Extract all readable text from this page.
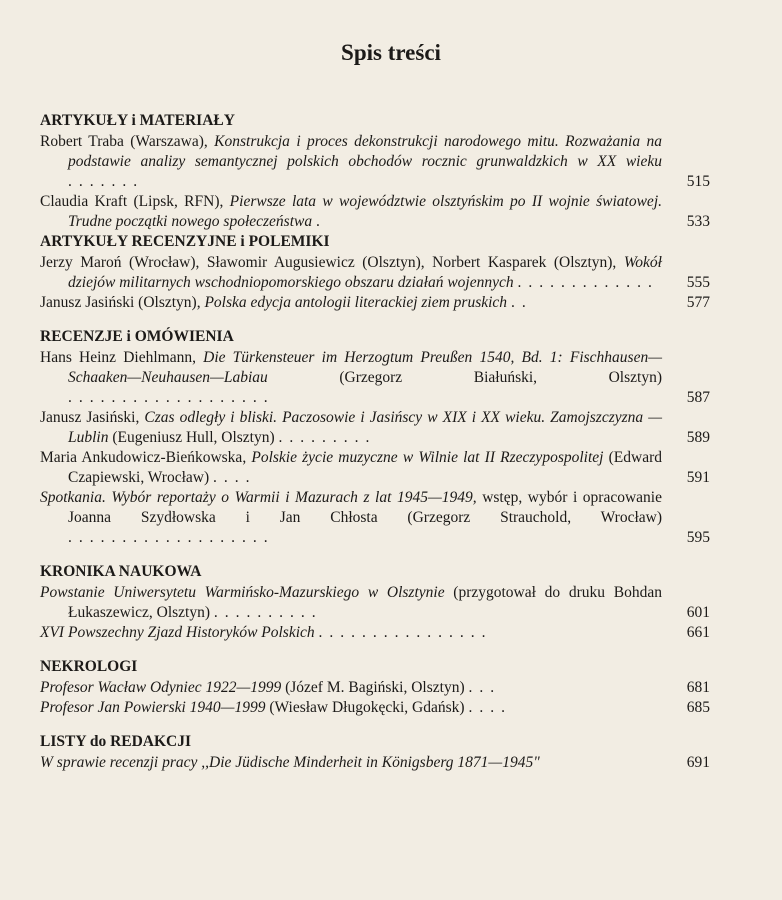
Spis treści
ARTYKUŁY i MATERIAŁY
Robert Traba (Warszawa), Konstrukcja i proces dekonstrukcji narodowego mitu. Rozważania na podstawie analizy semantycznej polskich obchodów rocznic grunwaldzkich w XX wieku .......	515
Claudia Kraft (Lipsk, RFN), Pierwsze lata w województwie olsztyńskim po II wojnie światowej. Trudne początki nowego społeczeństwa .	533
ARTYKUŁY RECENZYJNE i POLEMIKI
Jerzy Maroń (Wrocław), Sławomir Augusiewicz (Olsztyn), Norbert Kasparek (Olsztyn), Wokół dziejów militarnych wschodniopomorskiego obszaru działań wojennych ............. 555
Janusz Jasiński (Olsztyn), Polska edycja antologii literackiej ziem pruskich ..	577
RECENZJE i OMÓWIENIA
Hans Heinz Diehlmann, Die Türkensteuer im Herzogtum Preußen 1540, Bd. 1: Fischhausen—Schaaken—Neuhausen—Labiau (Grzegorz Białuński, Olsztyn) ...................	587
Janusz Jasiński, Czas odległy i bliski. Paczosowie i Jasińscy w XIX i XX wieku. Zamojszczyzna — Lublin (Eugeniusz Hull, Olsztyn) .........	589
Maria Ankudowicz-Bieńkowska, Polskie życie muzyczne w Wilnie lat II Rzeczypospolitej (Edward Czapiewski, Wrocław) ....	591
Spotkania. Wybór reportaży o Warmii i Mazurach z lat 1945—1949, wstęp, wybór i opracowanie Joanna Szydłowska i Jan Chłosta (Grzegorz Strauchold, Wrocław) ...................	595
KRONIKA NAUKOWA
Powstanie Uniwersytetu Warmińsko-Mazurskiego w Olsztynie (przygotował do druku Bohdan Łukaszewicz, Olsztyn) ..........	601
XVI Powszechny Zjazd Historyków Polskich ................	661
NEKROLOGI
Profesor Wacław Odyniec 1922—1999 (Józef M. Bagiński, Olsztyn) ...	681
Profesor Jan Powierski 1940—1999 (Wiesław Długokęcki, Gdańsk) ....	685
LISTY do REDAKCJI
W sprawie recenzji pracy ,,Die Jüdische Minderheit in Königsberg 1871—1945"	691
